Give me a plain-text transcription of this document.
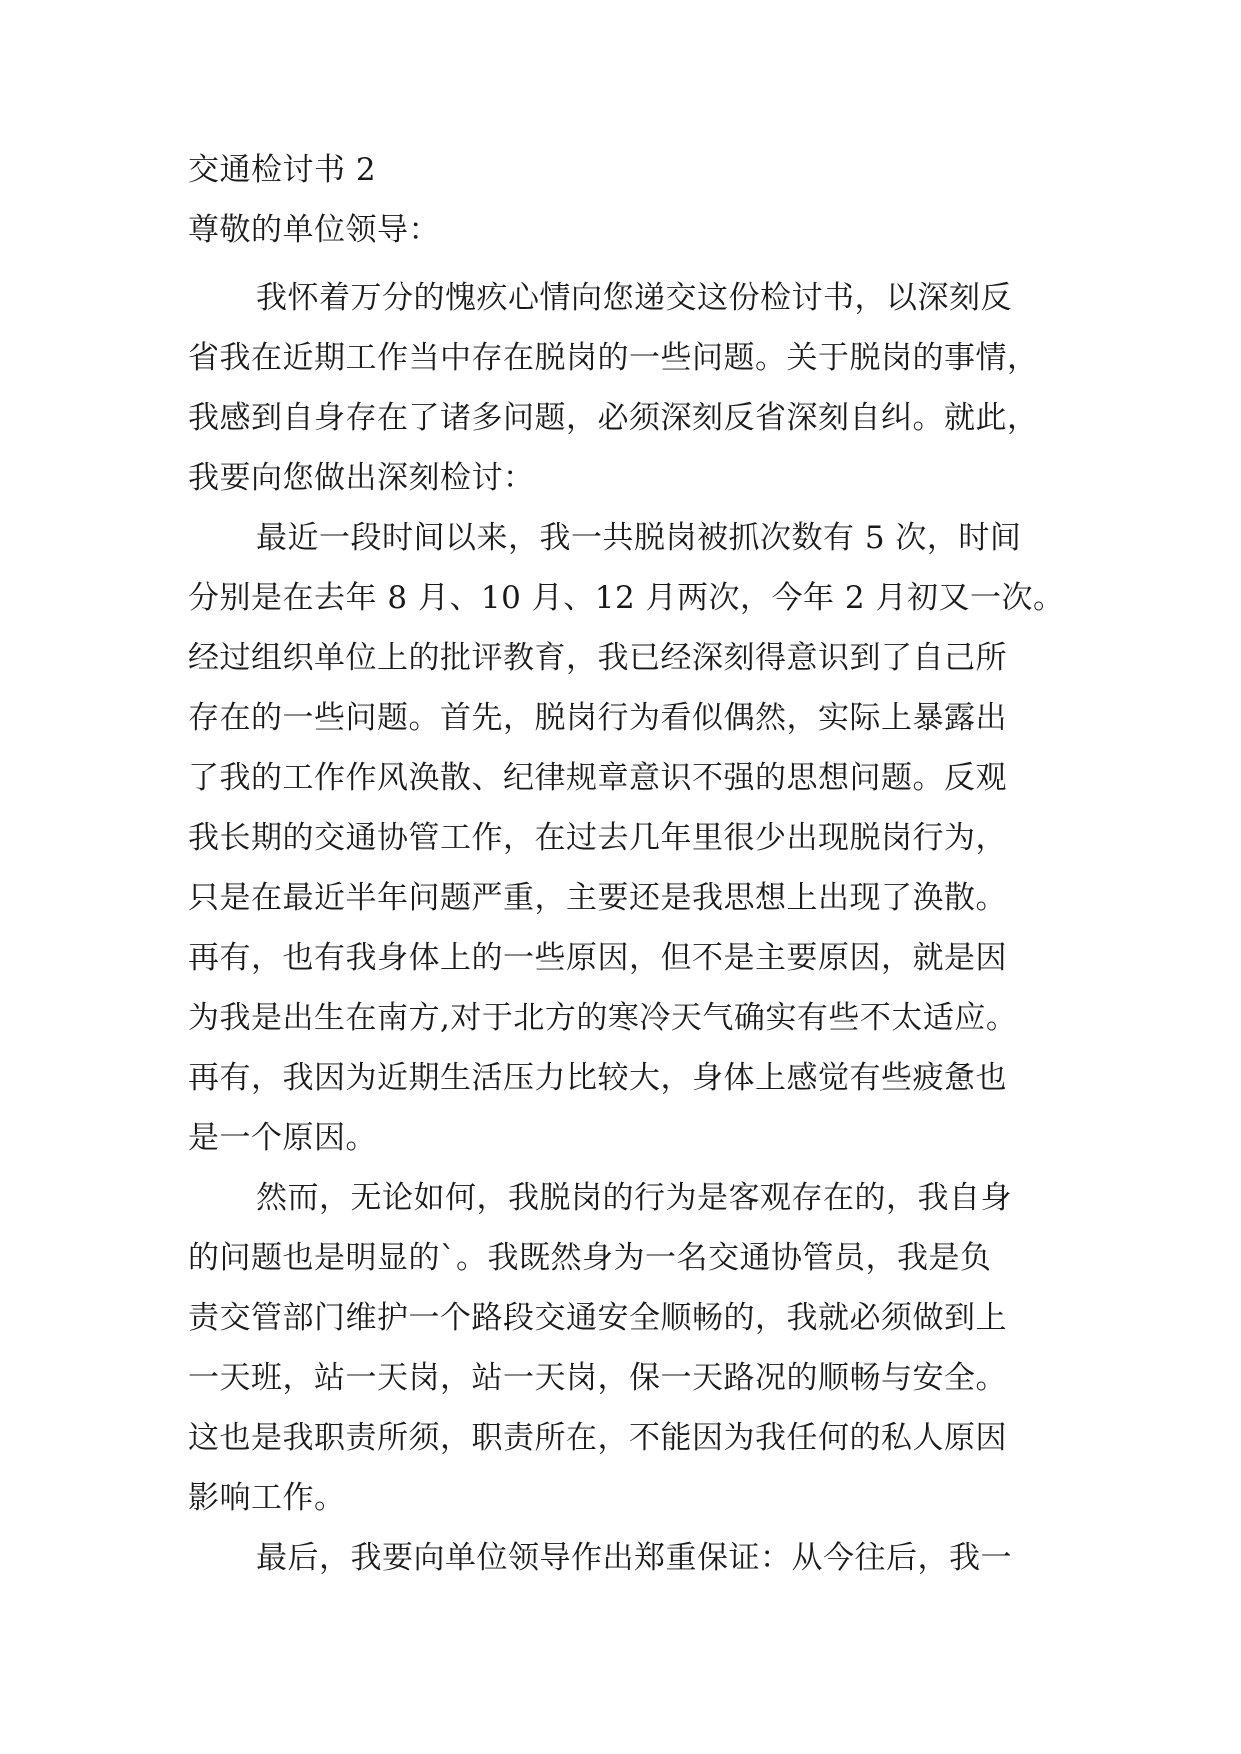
交通检讨书 2
尊敬的单位领导：
我怀着万分的愧疚心情向您递交这份检讨书，以深刻反
省我在近期工作当中存在脱岗的一些问题。关于脱岗的事情，
我感到自身存在了诸多问题，必须深刻反省深刻自纠。就此，
我要向您做出深刻检讨：
最近一段时间以来，我一共脱岗被抓次数有 5 次，时间
分别是在去年 8 月、10 月、12 月两次，今年 2 月初又一次。
经过组织单位上的批评教育，我已经深刻得意识到了自己所
存在的一些问题。首先，脱岗行为看似偶然，实际上暴露出
了我的工作作风涣散、纪律规章意识不强的思想问题。反观
我长期的交通协管工作，在过去几年里很少出现脱岗行为，
只是在最近半年问题严重，主要还是我思想上出现了涣散。
再有，也有我身体上的一些原因，但不是主要原因，就是因
为我是出生在南方,对于北方的寒冷天气确实有些不太适应。
再有，我因为近期生活压力比较大，身体上感觉有些疲惫也
是一个原因。
然而，无论如何，我脱岗的行为是客观存在的，我自身
的问题也是明显的`。我既然身为一名交通协管员，我是负
责交管部门维护一个路段交通安全顺畅的，我就必须做到上
一天班，站一天岗，站一天岗，保一天路况的顺畅与安全。
这也是我职责所须，职责所在，不能因为我任何的私人原因
影响工作。
最后，我要向单位领导作出郑重保证：从今往后，我一
